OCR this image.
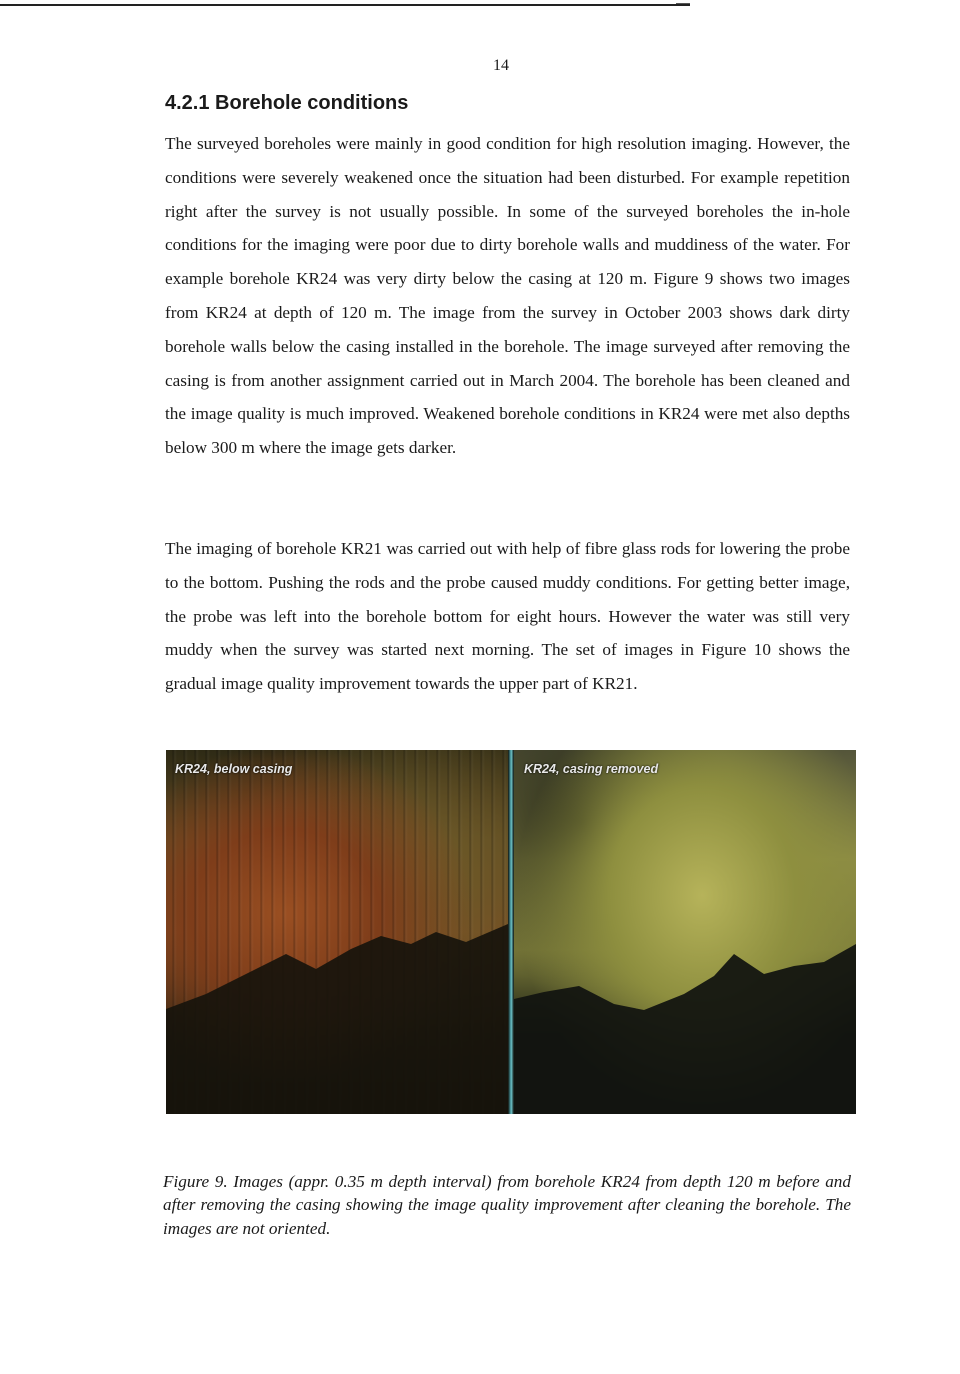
14
4.2.1 Borehole conditions

The surveyed boreholes were mainly in good condition for high resolution imaging. However, the conditions were severely weakened once the situation had been disturbed. For example repetition right after the survey is not usually possible. In some of the surveyed boreholes the in-hole conditions for the imaging were poor due to dirty borehole walls and muddiness of the water. For example borehole KR24 was very dirty below the casing at 120 m. Figure 9 shows two images from KR24 at depth of 120 m. The image from the survey in October 2003 shows dark dirty borehole walls below the casing installed in the borehole. The image surveyed after removing the casing is from another assignment carried out in March 2004. The borehole has been cleaned and the image quality is much improved. Weakened borehole conditions in KR24 were met also depths below 300 m where the image gets darker.

The imaging of borehole KR21 was carried out with help of fibre glass rods for lowering the probe to the bottom. Pushing the rods and the probe caused muddy conditions. For getting better image, the probe was left into the borehole bottom for eight hours. However the water was still very muddy when the survey was started next morning. The set of images in Figure 10 shows the gradual image quality improvement towards the upper part of KR21.

KR24, below casing	KR24, casing removed

Figure 9. Images (appr. 0.35 m depth interval) from borehole KR24 from depth 120 m before and after removing the casing showing the image quality improvement after cleaning the borehole. The images are not oriented.
